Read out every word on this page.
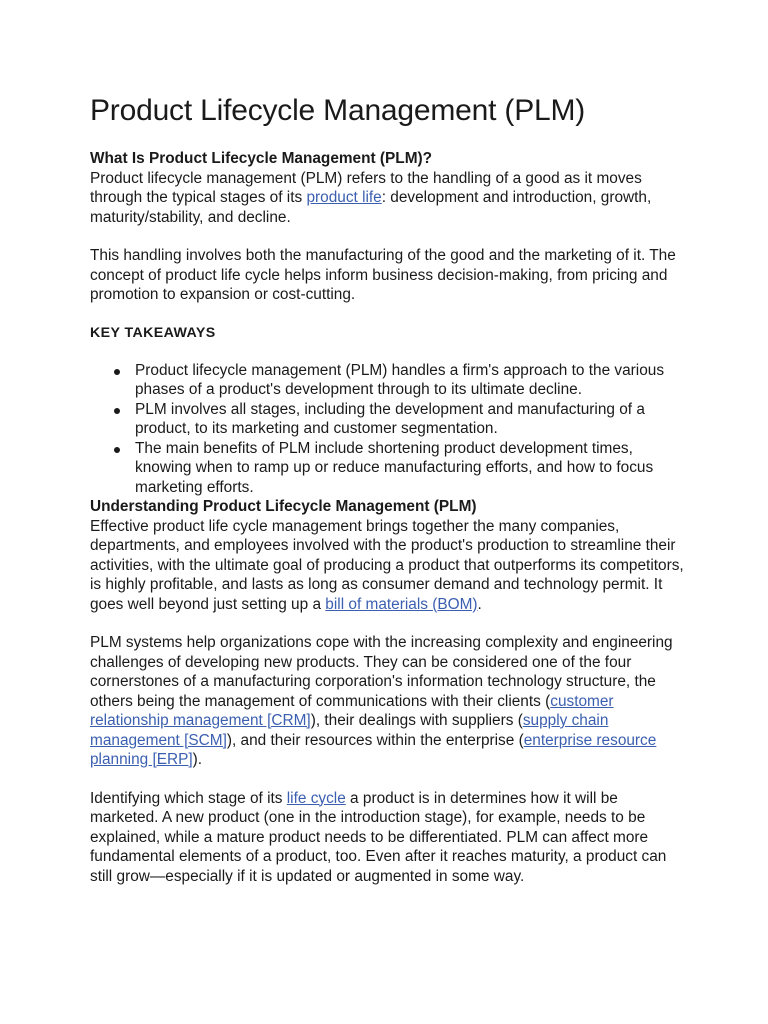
Product Lifecycle Management (PLM)
What Is Product Lifecycle Management (PLM)?

Product lifecycle management (PLM) refers to the handling of a good as it moves through the typical stages of its product life: development and introduction, growth, maturity/stability, and decline.

This handling involves both the manufacturing of the good and the marketing of it. The concept of product life cycle helps inform business decision-making, from pricing and promotion to expansion or cost-cutting.

KEY TAKEAWAYS
Product lifecycle management (PLM) handles a firm's approach to the various phases of a product's development through to its ultimate decline.
PLM involves all stages, including the development and manufacturing of a product, to its marketing and customer segmentation.
The main benefits of PLM include shortening product development times, knowing when to ramp up or reduce manufacturing efforts, and how to focus marketing efforts.
Understanding Product Lifecycle Management (PLM)

Effective product life cycle management brings together the many companies, departments, and employees involved with the product's production to streamline their activities, with the ultimate goal of producing a product that outperforms its competitors, is highly profitable, and lasts as long as consumer demand and technology permit. It goes well beyond just setting up a bill of materials (BOM).

PLM systems help organizations cope with the increasing complexity and engineering challenges of developing new products. They can be considered one of the four cornerstones of a manufacturing corporation's information technology structure, the others being the management of communications with their clients (customer relationship management [CRM]), their dealings with suppliers (supply chain management [SCM]), and their resources within the enterprise (enterprise resource planning [ERP]).

Identifying which stage of its life cycle a product is in determines how it will be marketed. A new product (one in the introduction stage), for example, needs to be explained, while a mature product needs to be differentiated. PLM can affect more fundamental elements of a product, too. Even after it reaches maturity, a product can still grow—especially if it is updated or augmented in some way.
